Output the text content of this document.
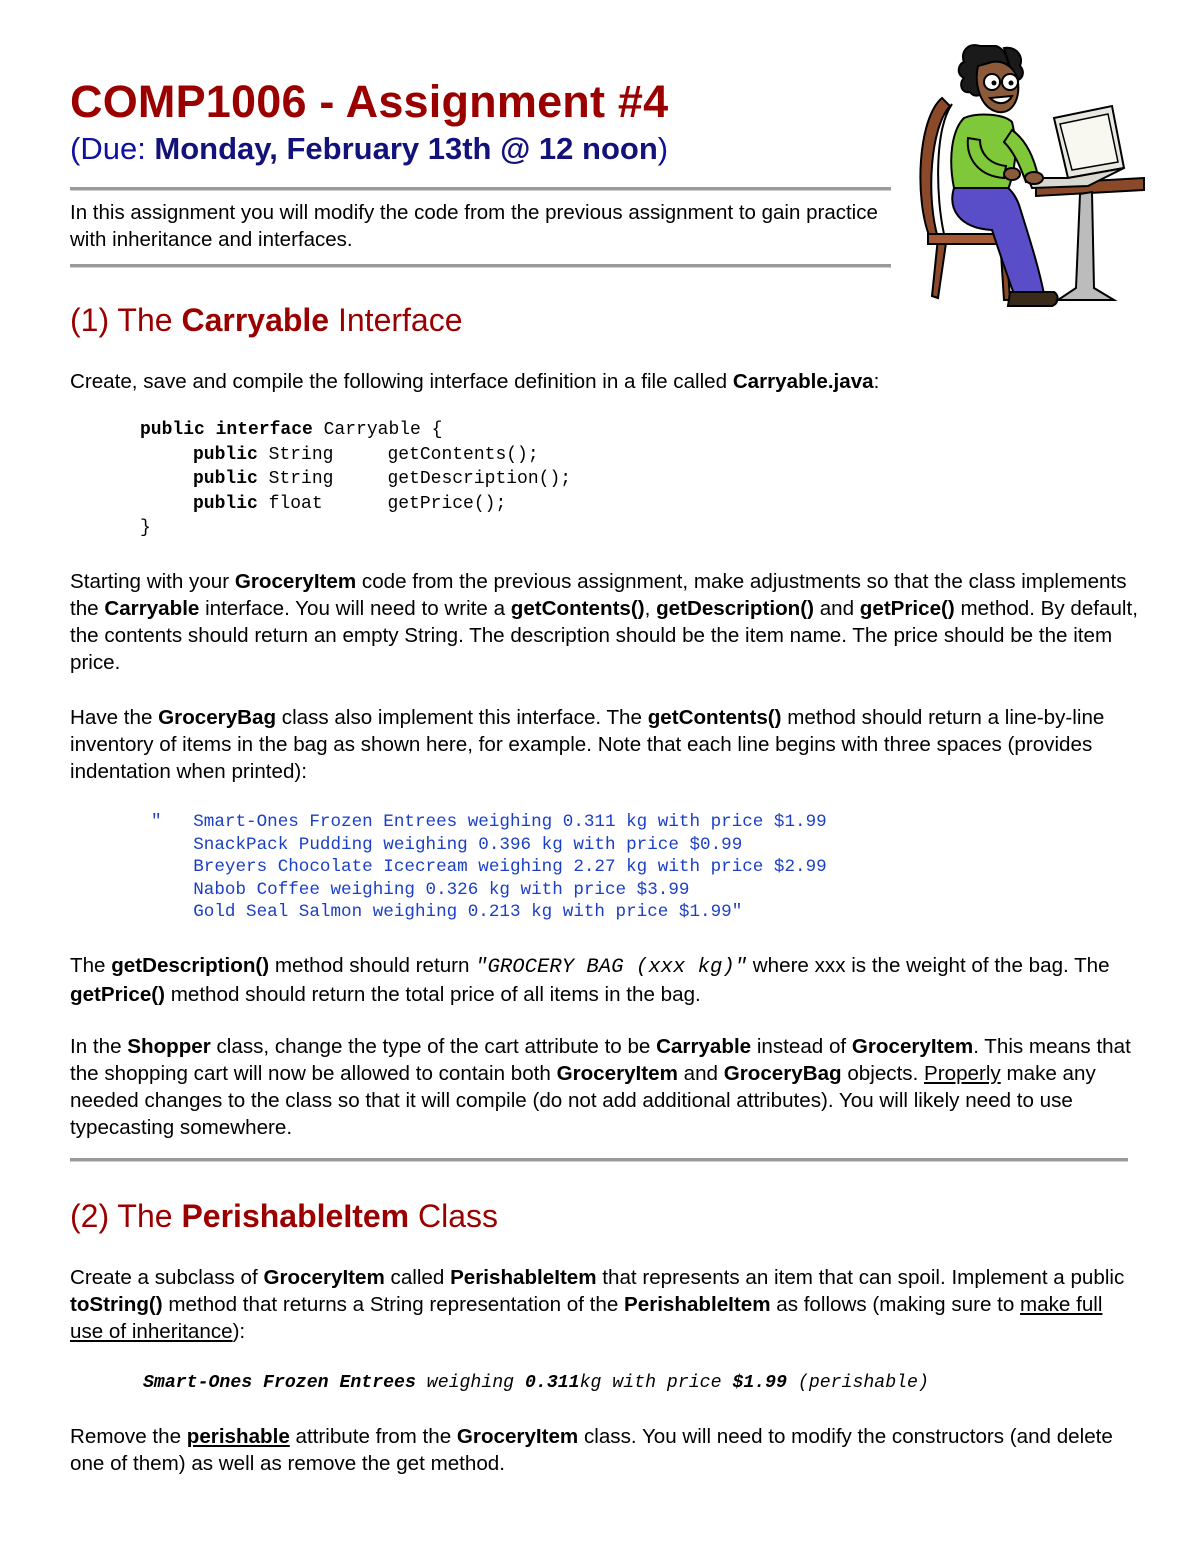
COMP1006 - Assignment #4
(Due: Monday, February 13th @ 12 noon)
In this assignment you will modify the code from the previous assignment to gain practice with inheritance and interfaces.
(1) The Carryable Interface
Create, save and compile the following interface definition in a file called Carryable.java:
public interface Carryable {
public String     getContents();
public String     getDescription();
public float      getPrice();
}
Starting with your GroceryItem code from the previous assignment, make adjustments so that the class implements the Carryable interface. You will need to write a getContents(), getDescription() and getPrice() method. By default, the contents should return an empty String. The description should be the item name. The price should be the item price.
Have the GroceryBag class also implement this interface. The getContents() method should return a line-by-line inventory of items in the bag as shown here, for example. Note that each line begins with three spaces (provides indentation when printed):
"   Smart-Ones Frozen Entrees weighing 0.311 kg with price $1.99
SnackPack Pudding weighing 0.396 kg with price $0.99
Breyers Chocolate Icecream weighing 2.27 kg with price $2.99
Nabob Coffee weighing 0.326 kg with price $3.99
Gold Seal Salmon weighing 0.213 kg with price $1.99"
The getDescription() method should return "GROCERY BAG (xxx kg)" where xxx is the weight of the bag. The getPrice() method should return the total price of all items in the bag.
In the Shopper class, change the type of the cart attribute to be Carryable instead of GroceryItem. This means that the shopping cart will now be allowed to contain both GroceryItem and GroceryBag objects. Properly make any needed changes to the class so that it will compile (do not add additional attributes). You will likely need to use typecasting somewhere.
(2) The PerishableItem Class
Create a subclass of GroceryItem called PerishableItem that represents an item that can spoil. Implement a public toString() method that returns a String representation of the PerishableItem as follows (making sure to make full use of inheritance):
Smart-Ones Frozen Entrees weighing 0.311kg with price $1.99 (perishable)
Remove the perishable attribute from the GroceryItem class. You will need to modify the constructors (and delete one of them) as well as remove the get method.
